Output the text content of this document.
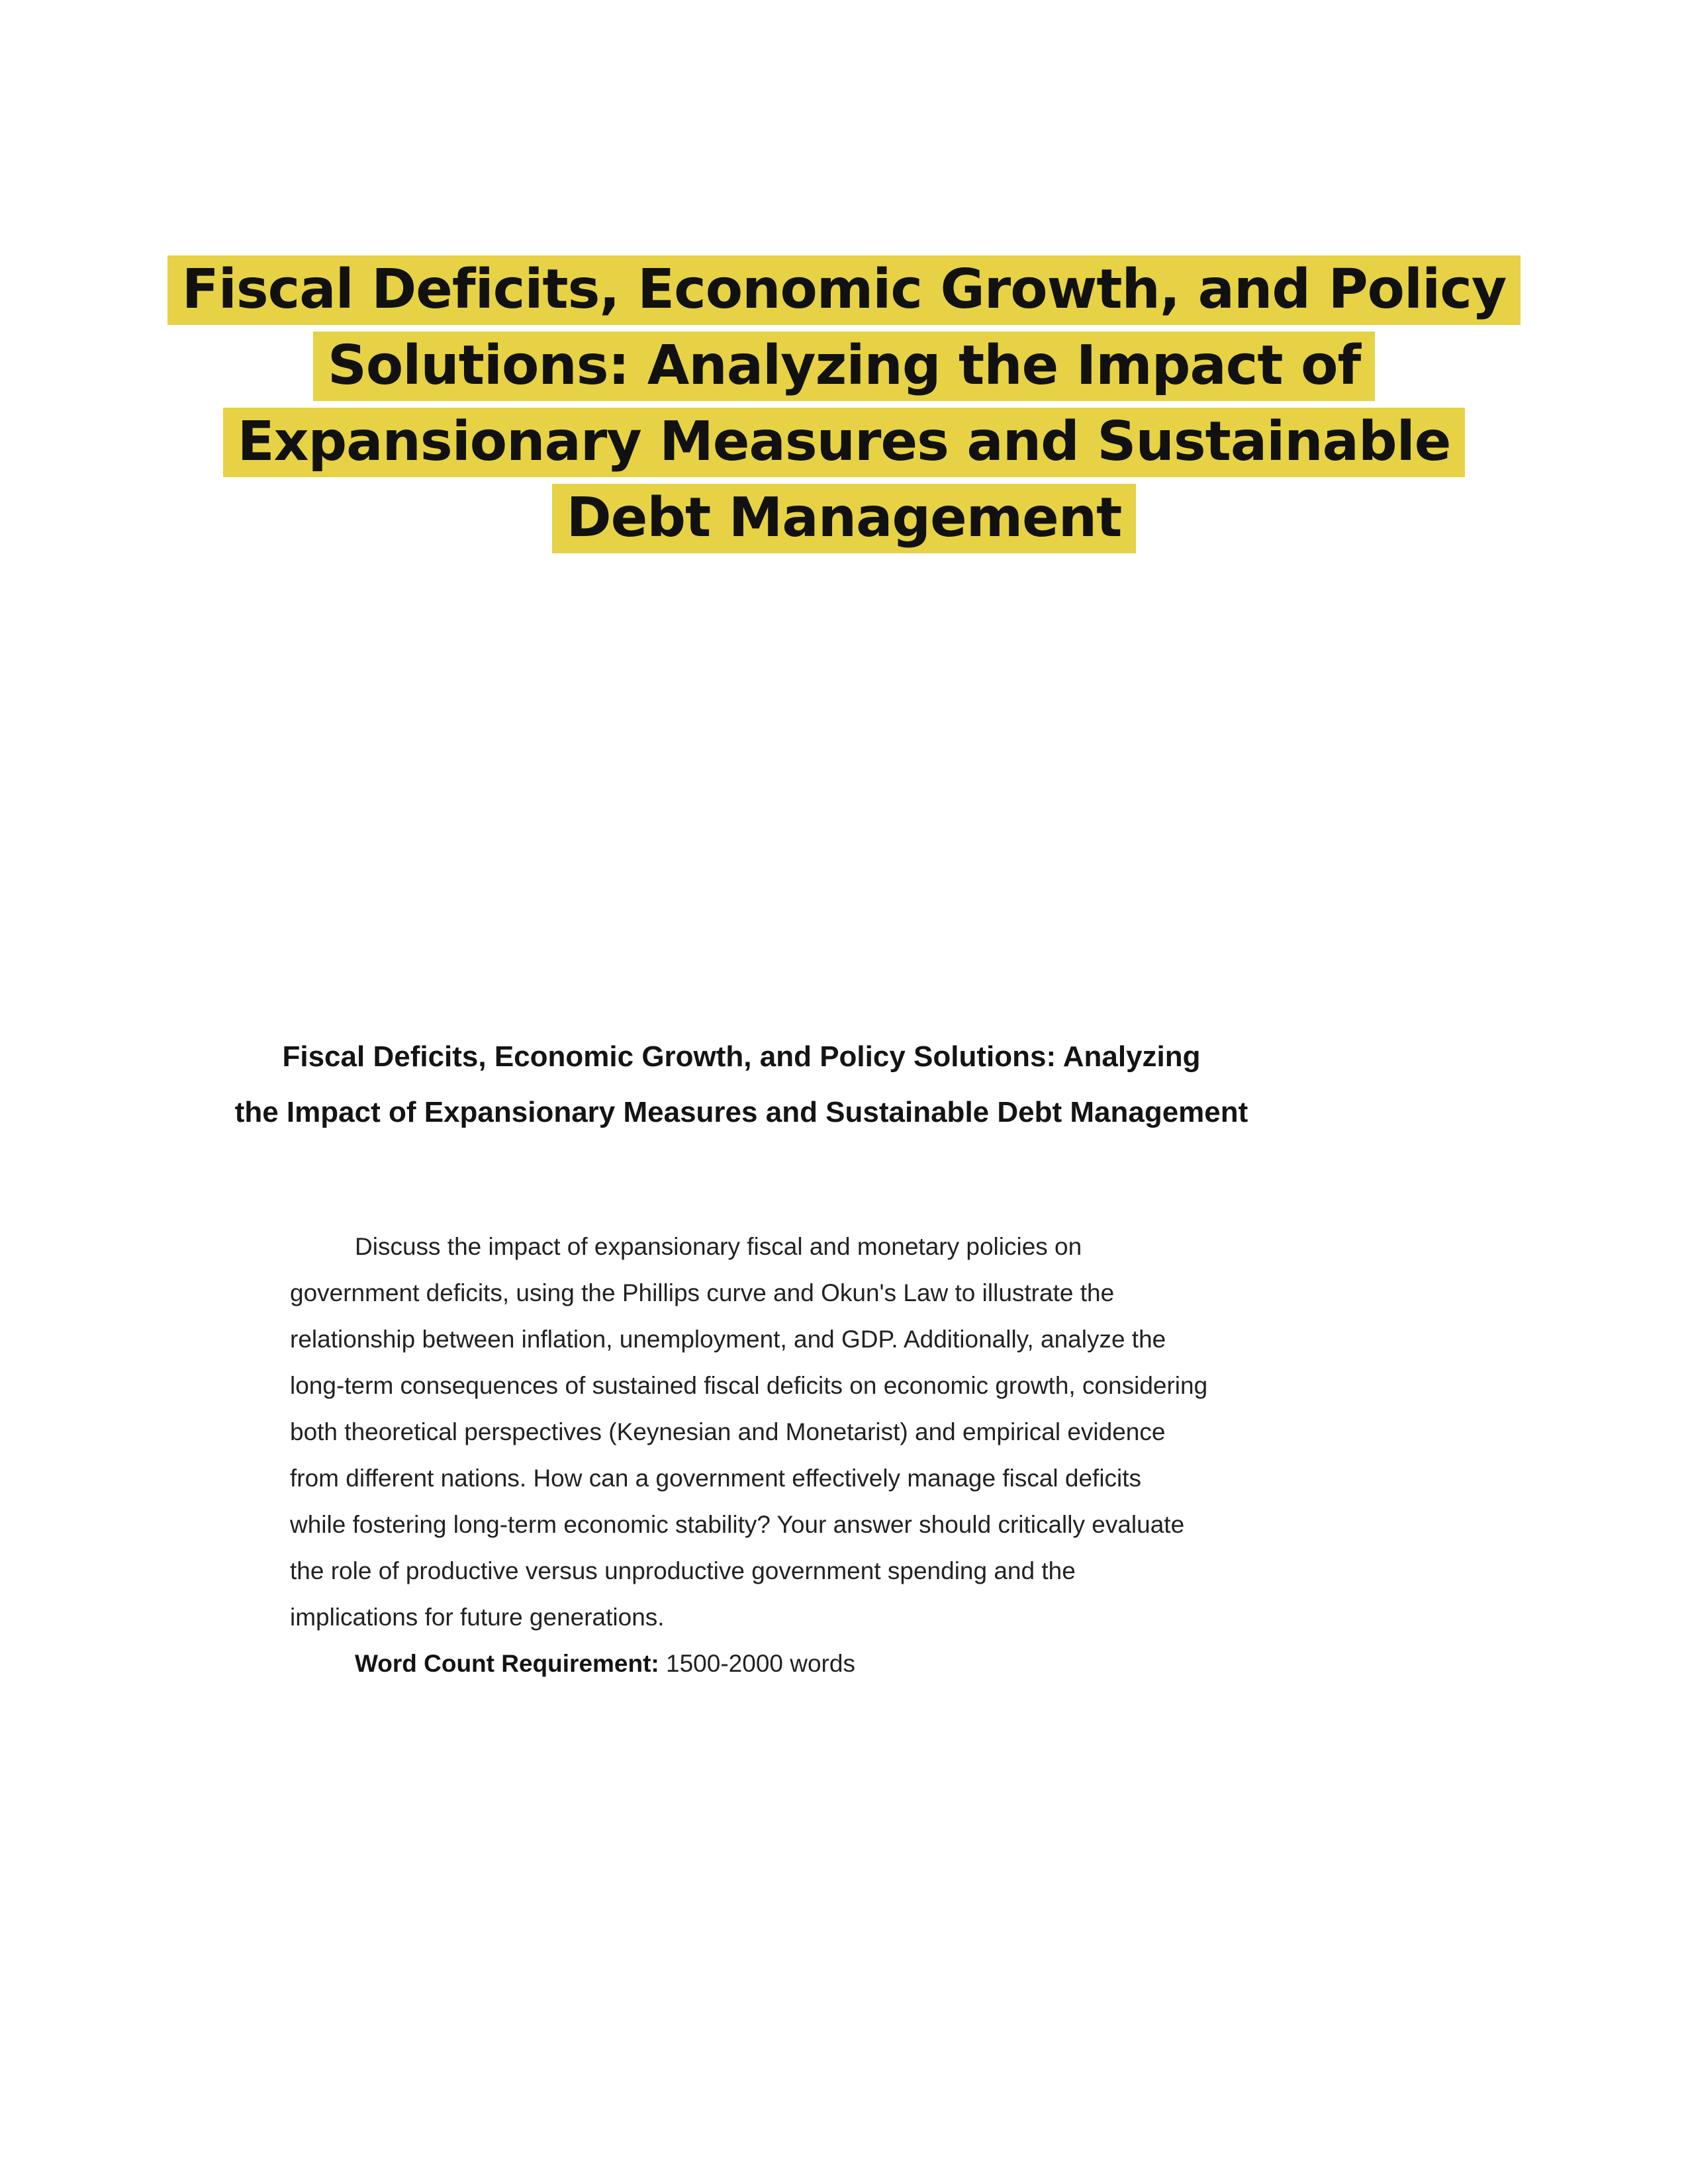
Fiscal Deficits, Economic Growth, and Policy
Solutions: Analyzing the Impact of
Expansionary Measures and Sustainable
Debt Management
Fiscal Deficits, Economic Growth, and Policy Solutions: Analyzing
the Impact of Expansionary Measures and Sustainable Debt Management
Discuss the impact of expansionary fiscal and monetary policies on
government deficits, using the Phillips curve and Okun's Law to illustrate the
relationship between inflation, unemployment, and GDP. Additionally, analyze the
long-term consequences of sustained fiscal deficits on economic growth, considering
both theoretical perspectives (Keynesian and Monetarist) and empirical evidence
from different nations. How can a government effectively manage fiscal deficits
while fostering long-term economic stability? Your answer should critically evaluate
the role of productive versus unproductive government spending and the
implications for future generations.

Word Count Requirement: 1500-2000 words
